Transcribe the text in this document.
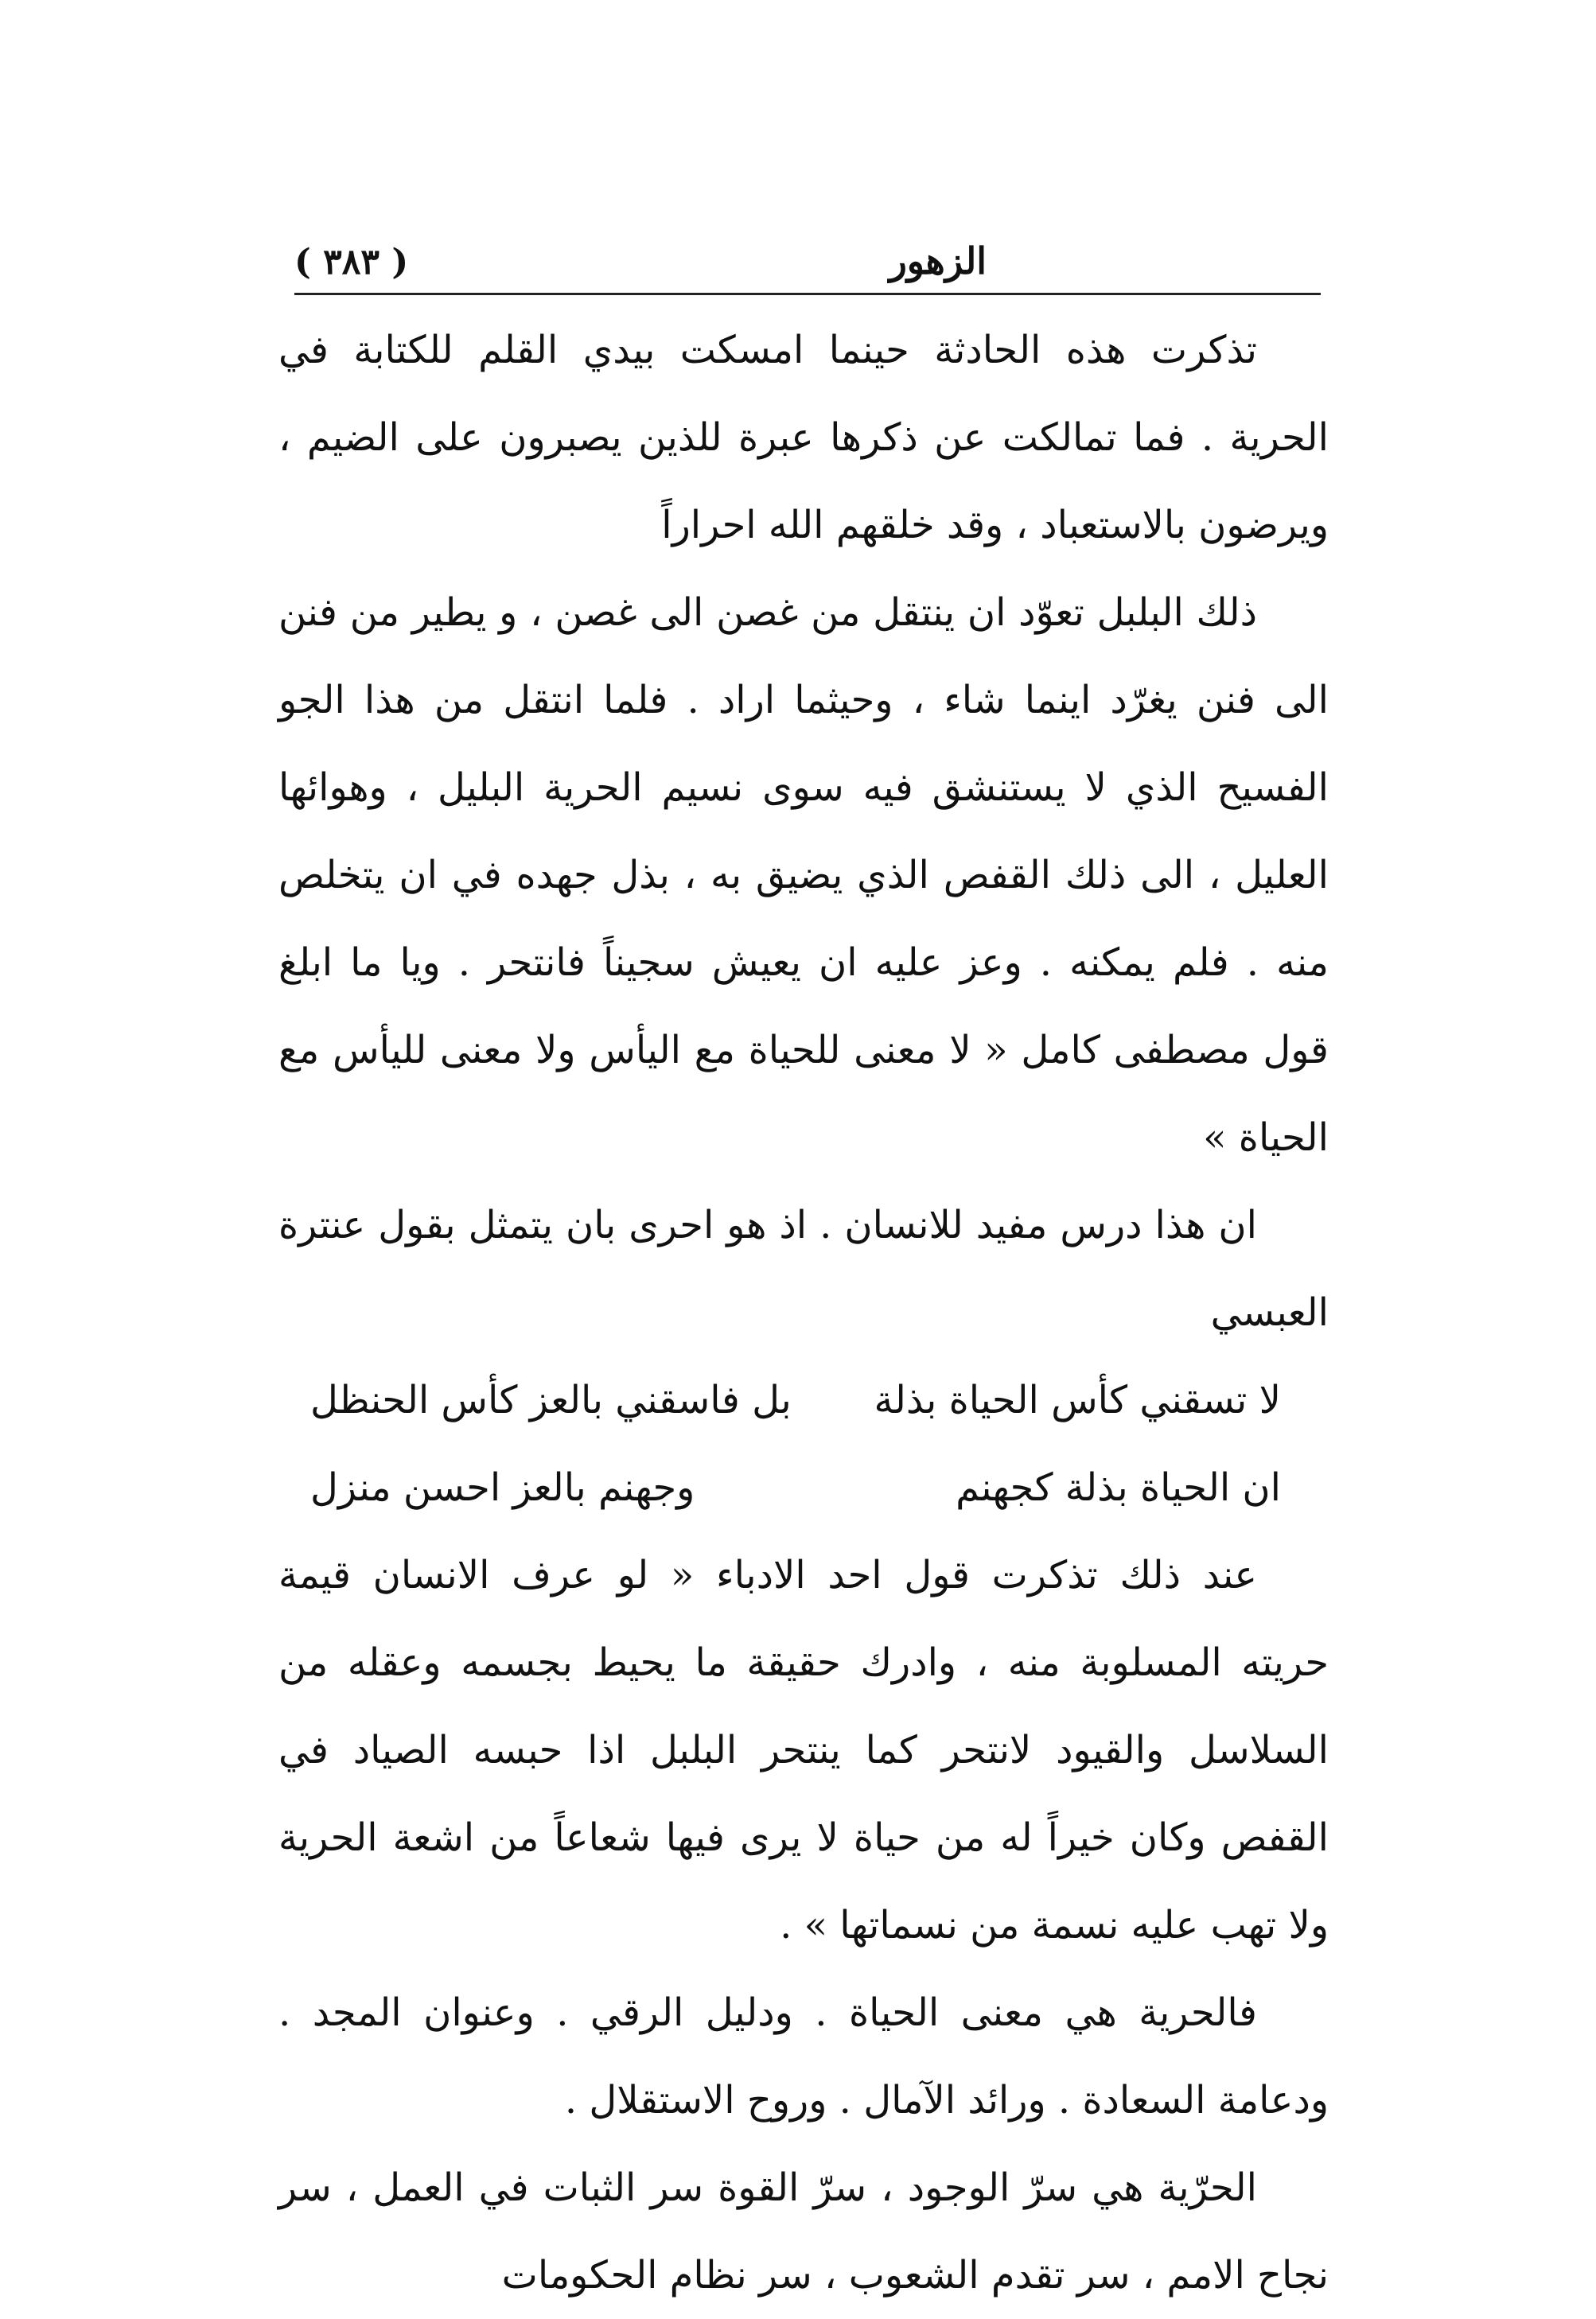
( ٣٨٣ )	الزهور

تذكرت هذه الحادثة حينما امسكت بيدي القلم للكتابة في الحرية . فما تمالكت عن ذكرها عبرة للذين يصبرون على الضيم ، ويرضون بالاستعباد ، وقد خلقهم الله احراراً

ذلك البلبل تعوّد ان ينتقل من غصن الى غصن ، و يطير من فنن الى فنن يغرّد اينما شاء ، وحيثما اراد . فلما انتقل من هذا الجو الفسيح الذي لا يستنشق فيه سوى نسيم الحرية البليل ، وهوائها العليل ، الى ذلك القفص الذي يضيق به ، بذل جهده في ان يتخلص منه . فلم يمكنه . وعز عليه ان يعيش سجيناً فانتحر . ويا ما ابلغ قول مصطفى كامل « لا معنى للحياة مع اليأس ولا معنى لليأس مع الحياة »

ان هذا درس مفيد للانسان . اذ هو احرى بان يتمثل بقول عنترة العبسي

لا تسقني كأس الحياة بذلة
بل فاسقني بالعز كأس الحنظل
ان الحياة بذلة كجهنم
وجهنم بالعز احسن منزل

عند ذلك تذكرت قول احد الادباء « لو عرف الانسان قيمة حريته المسلوبة منه ، وادرك حقيقة ما يحيط بجسمه وعقله من السلاسل والقيود لانتحر كما ينتحر البلبل اذا حبسه الصياد في القفص وكان خيراً له من حياة لا يرى فيها شعاعاً من اشعة الحرية ولا تهب عليه نسمة من نسماتها » .

فالحرية هي معنى الحياة . ودليل الرقي . وعنوان المجد . ودعامة السعادة . ورائد الآمال . وروح الاستقلال .

الحرّية هي سرّ الوجود ، سرّ القوة سر الثبات في العمل ، سر نجاح الامم ، سر تقدم الشعوب ، سر نظام الحكومات
